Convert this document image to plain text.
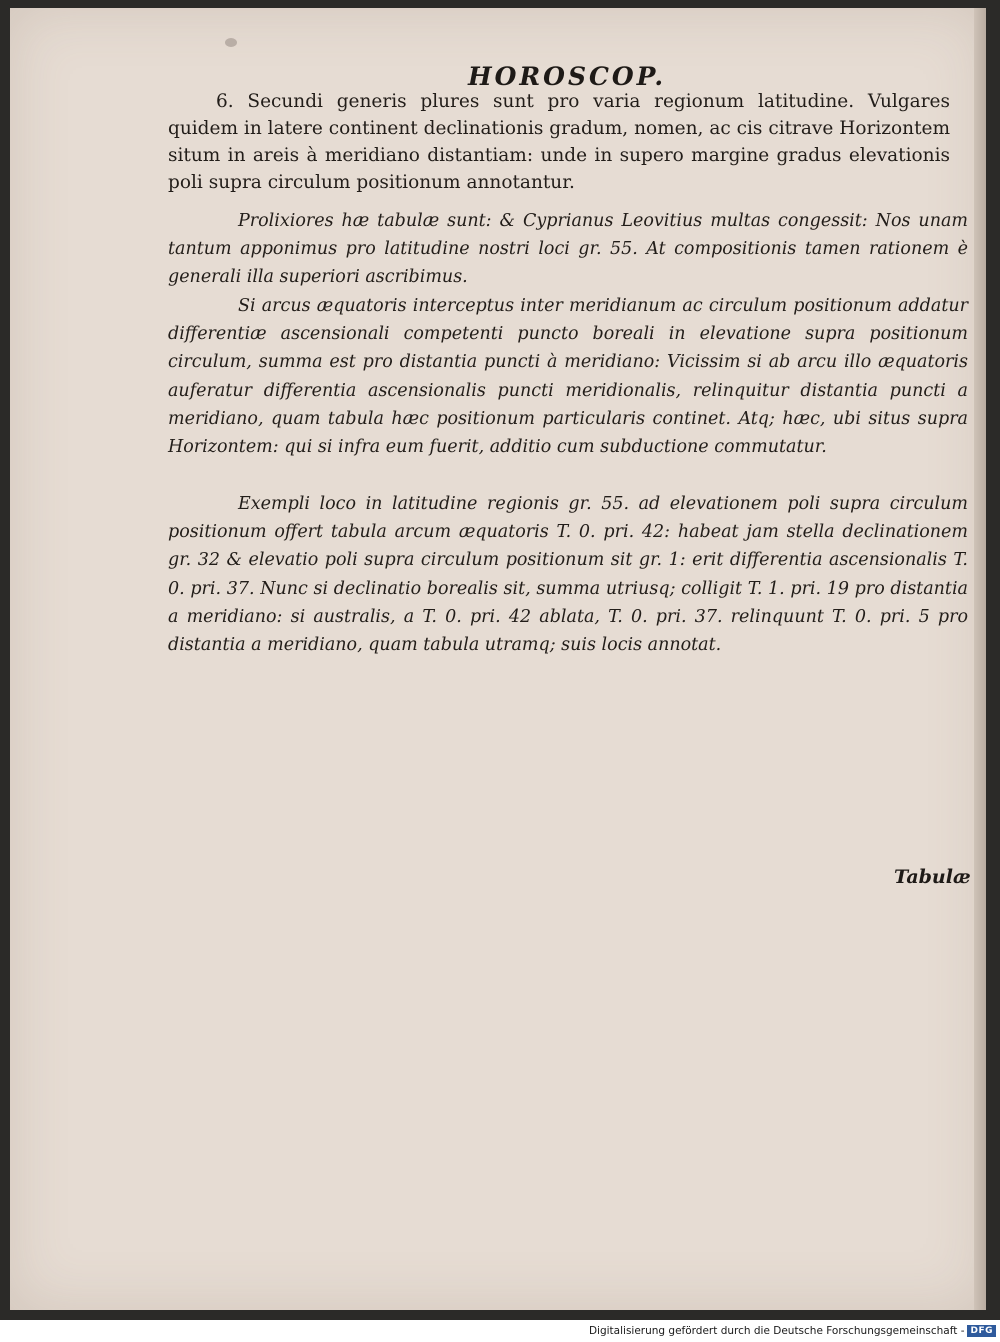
HOROSCOP.

6. Secundi generis plures sunt pro varia regionum latitudine. Vulgares quidem in latere continent declinationis gradum, nomen, ac cis citrave Horizontem situm in areis à meridiano distantiam: unde in supero margine gradus elevationis poli supra circulum positionum annotantur.

Prolixiores hæ tabulæ sunt: & Cyprianus Leovitius multas congessit: Nos unam tantum apponimus pro latitudine nostri loci gr. 55. At compositionis tamen rationem è generali illa superiori ascribimus.

Si arcus æquatoris interceptus inter meridianum ac circulum positionum addatur differentiæ ascensionali competenti puncto boreali in elevatione supra positionum circulum, summa est pro distantia puncti à meridiano: Vicissim si ab arcu illo æquatoris auferatur differentia ascensionalis puncti meridionalis, relinquitur distantia puncti a meridiano, quam tabula hæc positionum particularis continet. Atq; hæc, ubi situs supra Horizontem: qui si infra eum fuerit, additio cum subductione commutatur.

Exempli loco in latitudine regionis gr. 55. ad elevationem poli supra circulum positionum offert tabula arcum æquatoris T. 0. pri. 42: habeat jam stella declinationem gr. 32 & elevatio poli supra circulum positionum sit gr. 1: erit differentia ascensionalis T. 0. pri. 37. Nunc si declinatio borealis sit, summa utriusq; colligit T. 1. pri. 19 pro distantia a meridiano: si australis, a T. 0. pri. 42 ablata, T. 0. pri. 37. relinquunt T. 0. pri. 5 pro distantia a meridiano, quam tabula utramq; suis locis annotat.

Tabulæ
Digitalisierung gefördert durch die Deutsche Forschungsgemeinschaft - DFG
